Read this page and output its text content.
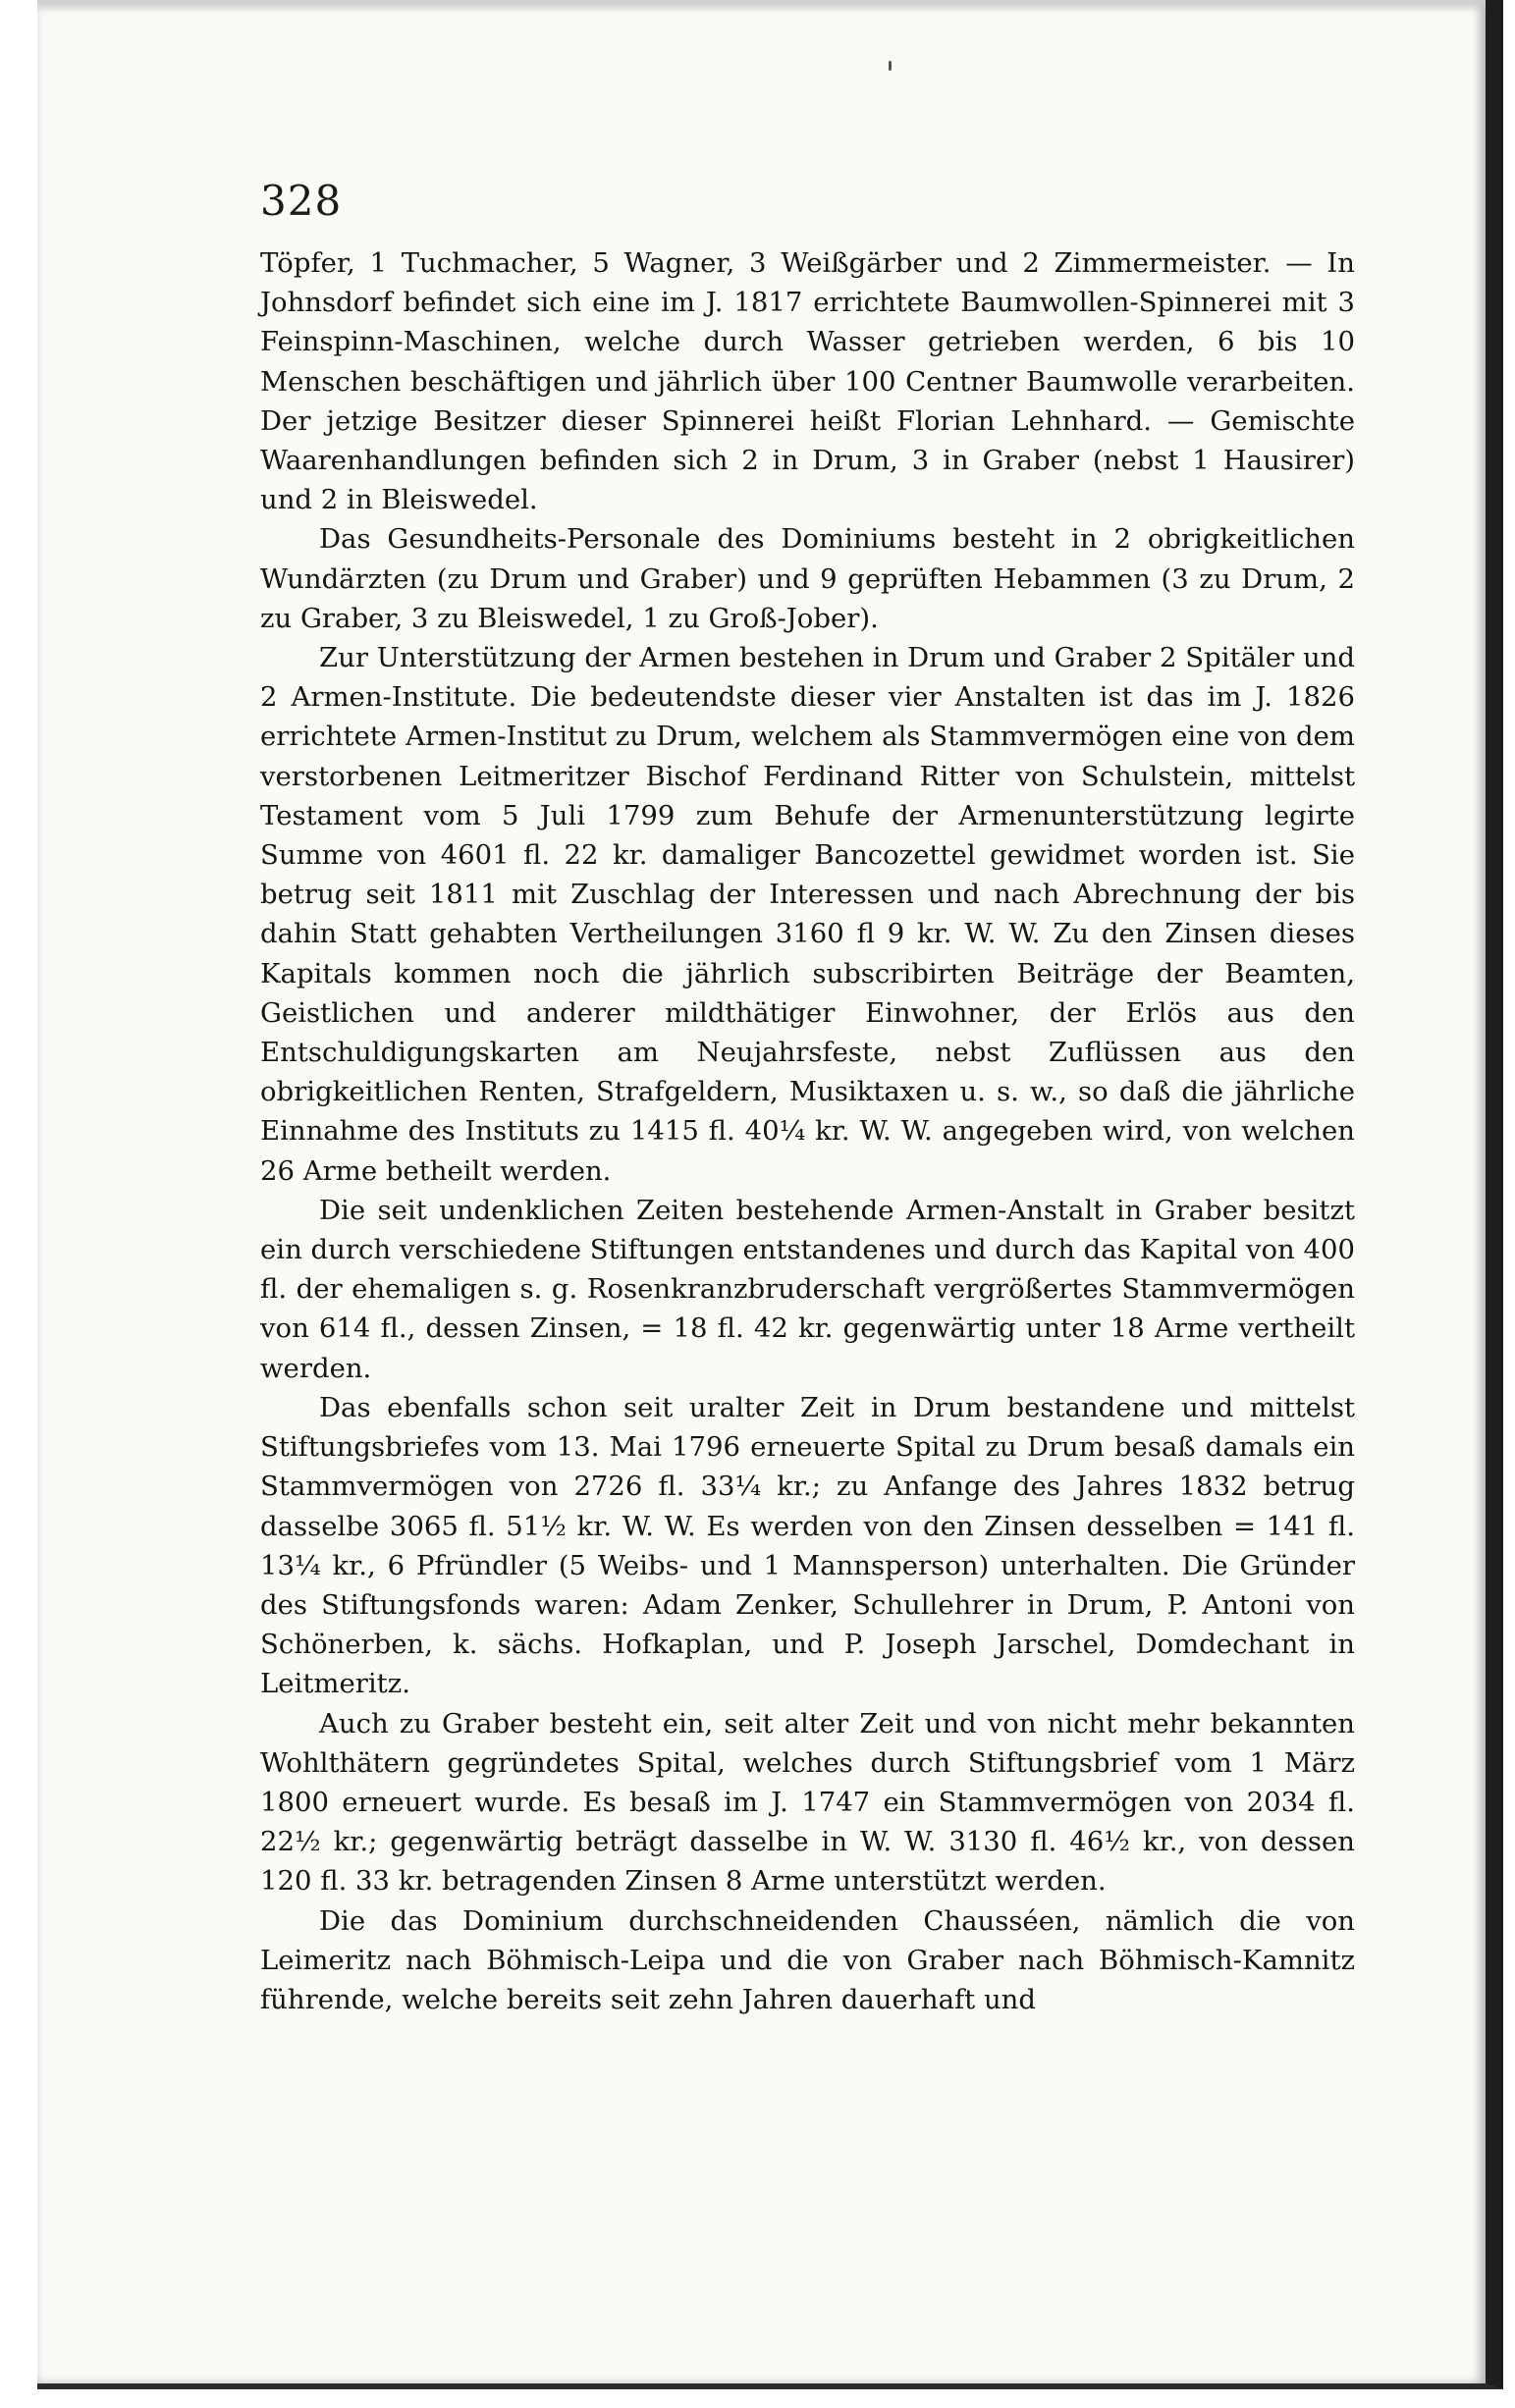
328

Töpfer, 1 Tuchmacher, 5 Wagner, 3 Weißgärber und 2 Zimmermeister. — In Johnsdorf befindet sich eine im J. 1817 errichtete Baumwollen-Spinnerei mit 3 Feinspinn-Maschinen, welche durch Wasser getrieben werden, 6 bis 10 Menschen beschäftigen und jährlich über 100 Centner Baumwolle verarbeiten. Der jetzige Besitzer dieser Spinnerei heißt Florian Lehnhard. — Gemischte Waarenhandlungen befinden sich 2 in Drum, 3 in Graber (nebst 1 Hausirer) und 2 in Bleiswedel.

Das Gesundheits-Personale des Dominiums besteht in 2 obrigkeitlichen Wundärzten (zu Drum und Graber) und 9 geprüften Hebammen (3 zu Drum, 2 zu Graber, 3 zu Bleiswedel, 1 zu Groß-Jober).

Zur Unterstützung der Armen bestehen in Drum und Graber 2 Spitäler und 2 Armen-Institute. Die bedeutendste dieser vier Anstalten ist das im J. 1826 errichtete Armen-Institut zu Drum, welchem als Stammvermögen eine von dem verstorbenen Leitmeritzer Bischof Ferdinand Ritter von Schulstein, mittelst Testament vom 5 Juli 1799 zum Behufe der Armenunterstützung legirte Summe von 4601 fl. 22 kr. damaliger Bancozettel gewidmet worden ist. Sie betrug seit 1811 mit Zuschlag der Interessen und nach Abrechnung der bis dahin Statt gehabten Vertheilungen 3160 fl 9 kr. W. W. Zu den Zinsen dieses Kapitals kommen noch die jährlich subscribirten Beiträge der Beamten, Geistlichen und anderer mildthätiger Einwohner, der Erlös aus den Entschuldigungskarten am Neujahrsfeste, nebst Zuflüssen aus den obrigkeitlichen Renten, Strafgeldern, Musiktaxen u. s. w., so daß die jährliche Einnahme des Instituts zu 1415 fl. 40¼ kr. W. W. angegeben wird, von welchen 26 Arme betheilt werden.

Die seit undenklichen Zeiten bestehende Armen-Anstalt in Graber besitzt ein durch verschiedene Stiftungen entstandenes und durch das Kapital von 400 fl. der ehemaligen s. g. Rosenkranzbruderschaft vergrößertes Stammvermögen von 614 fl., dessen Zinsen, = 18 fl. 42 kr. gegenwärtig unter 18 Arme vertheilt werden.

Das ebenfalls schon seit uralter Zeit in Drum bestandene und mittelst Stiftungsbriefes vom 13. Mai 1796 erneuerte Spital zu Drum besaß damals ein Stammvermögen von 2726 fl. 33¼ kr.; zu Anfange des Jahres 1832 betrug dasselbe 3065 fl. 51½ kr. W. W. Es werden von den Zinsen desselben = 141 fl. 13¼ kr., 6 Pfründler (5 Weibs- und 1 Mannsperson) unterhalten. Die Gründer des Stiftungsfonds waren: Adam Zenker, Schullehrer in Drum, P. Antoni von Schönerben, k. sächs. Hofkaplan, und P. Joseph Jarschel, Domdechant in Leitmeritz.

Auch zu Graber besteht ein, seit alter Zeit und von nicht mehr bekannten Wohlthätern gegründetes Spital, welches durch Stiftungsbrief vom 1 März 1800 erneuert wurde. Es besaß im J. 1747 ein Stammvermögen von 2034 fl. 22½ kr.; gegenwärtig beträgt dasselbe in W. W. 3130 fl. 46½ kr., von dessen 120 fl. 33 kr. betragenden Zinsen 8 Arme unterstützt werden.

Die das Dominium durchschneidenden Chausséen, nämlich die von Leimeritz nach Böhmisch-Leipa und die von Graber nach Böhmisch-Kamnitz führende, welche bereits seit zehn Jahren dauerhaft und
